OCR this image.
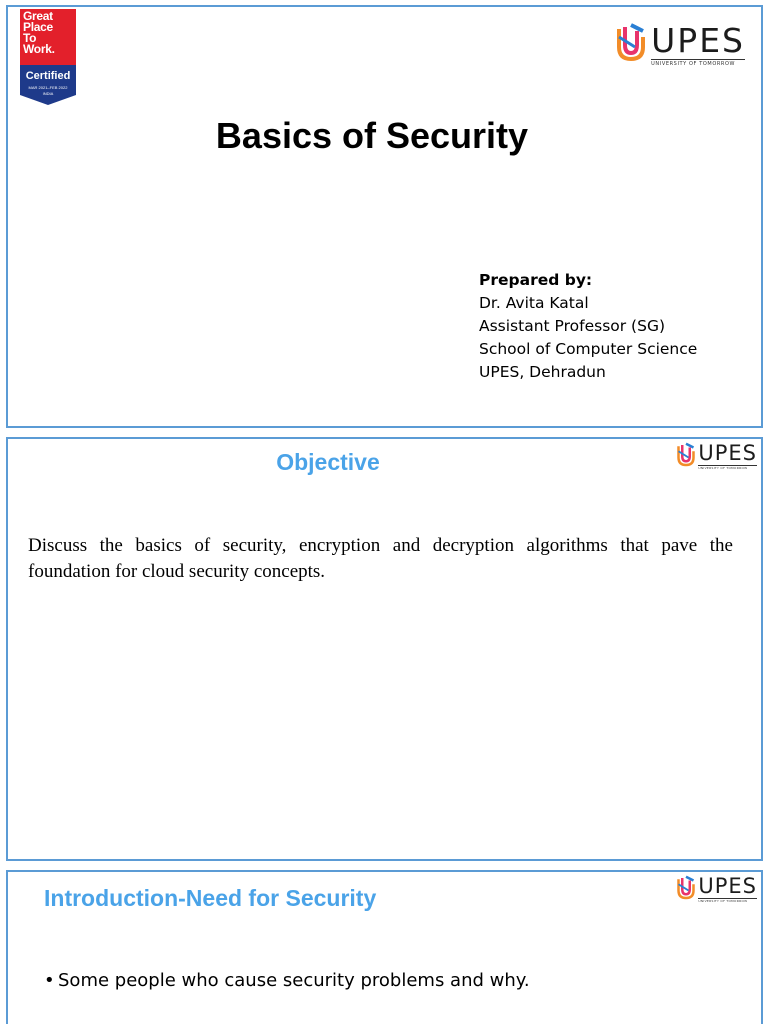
Great
Place
To
Work.
Certified
MAR 2021–FEB 2022
INDIA
UPES
UNIVERSITY OF TOMORROW
Basics of Security
Prepared by:
Dr. Avita Katal
Assistant Professor (SG)
School of Computer Science
UPES, Dehradun
UPES
UNIVERSITY OF TOMORROW
Objective

Discuss the basics of security, encryption and decryption algorithms that pave the foundation for cloud security concepts.

UPES
UNIVERSITY OF TOMORROW
Introduction-Need for Security
• Some people who cause security problems and why.
